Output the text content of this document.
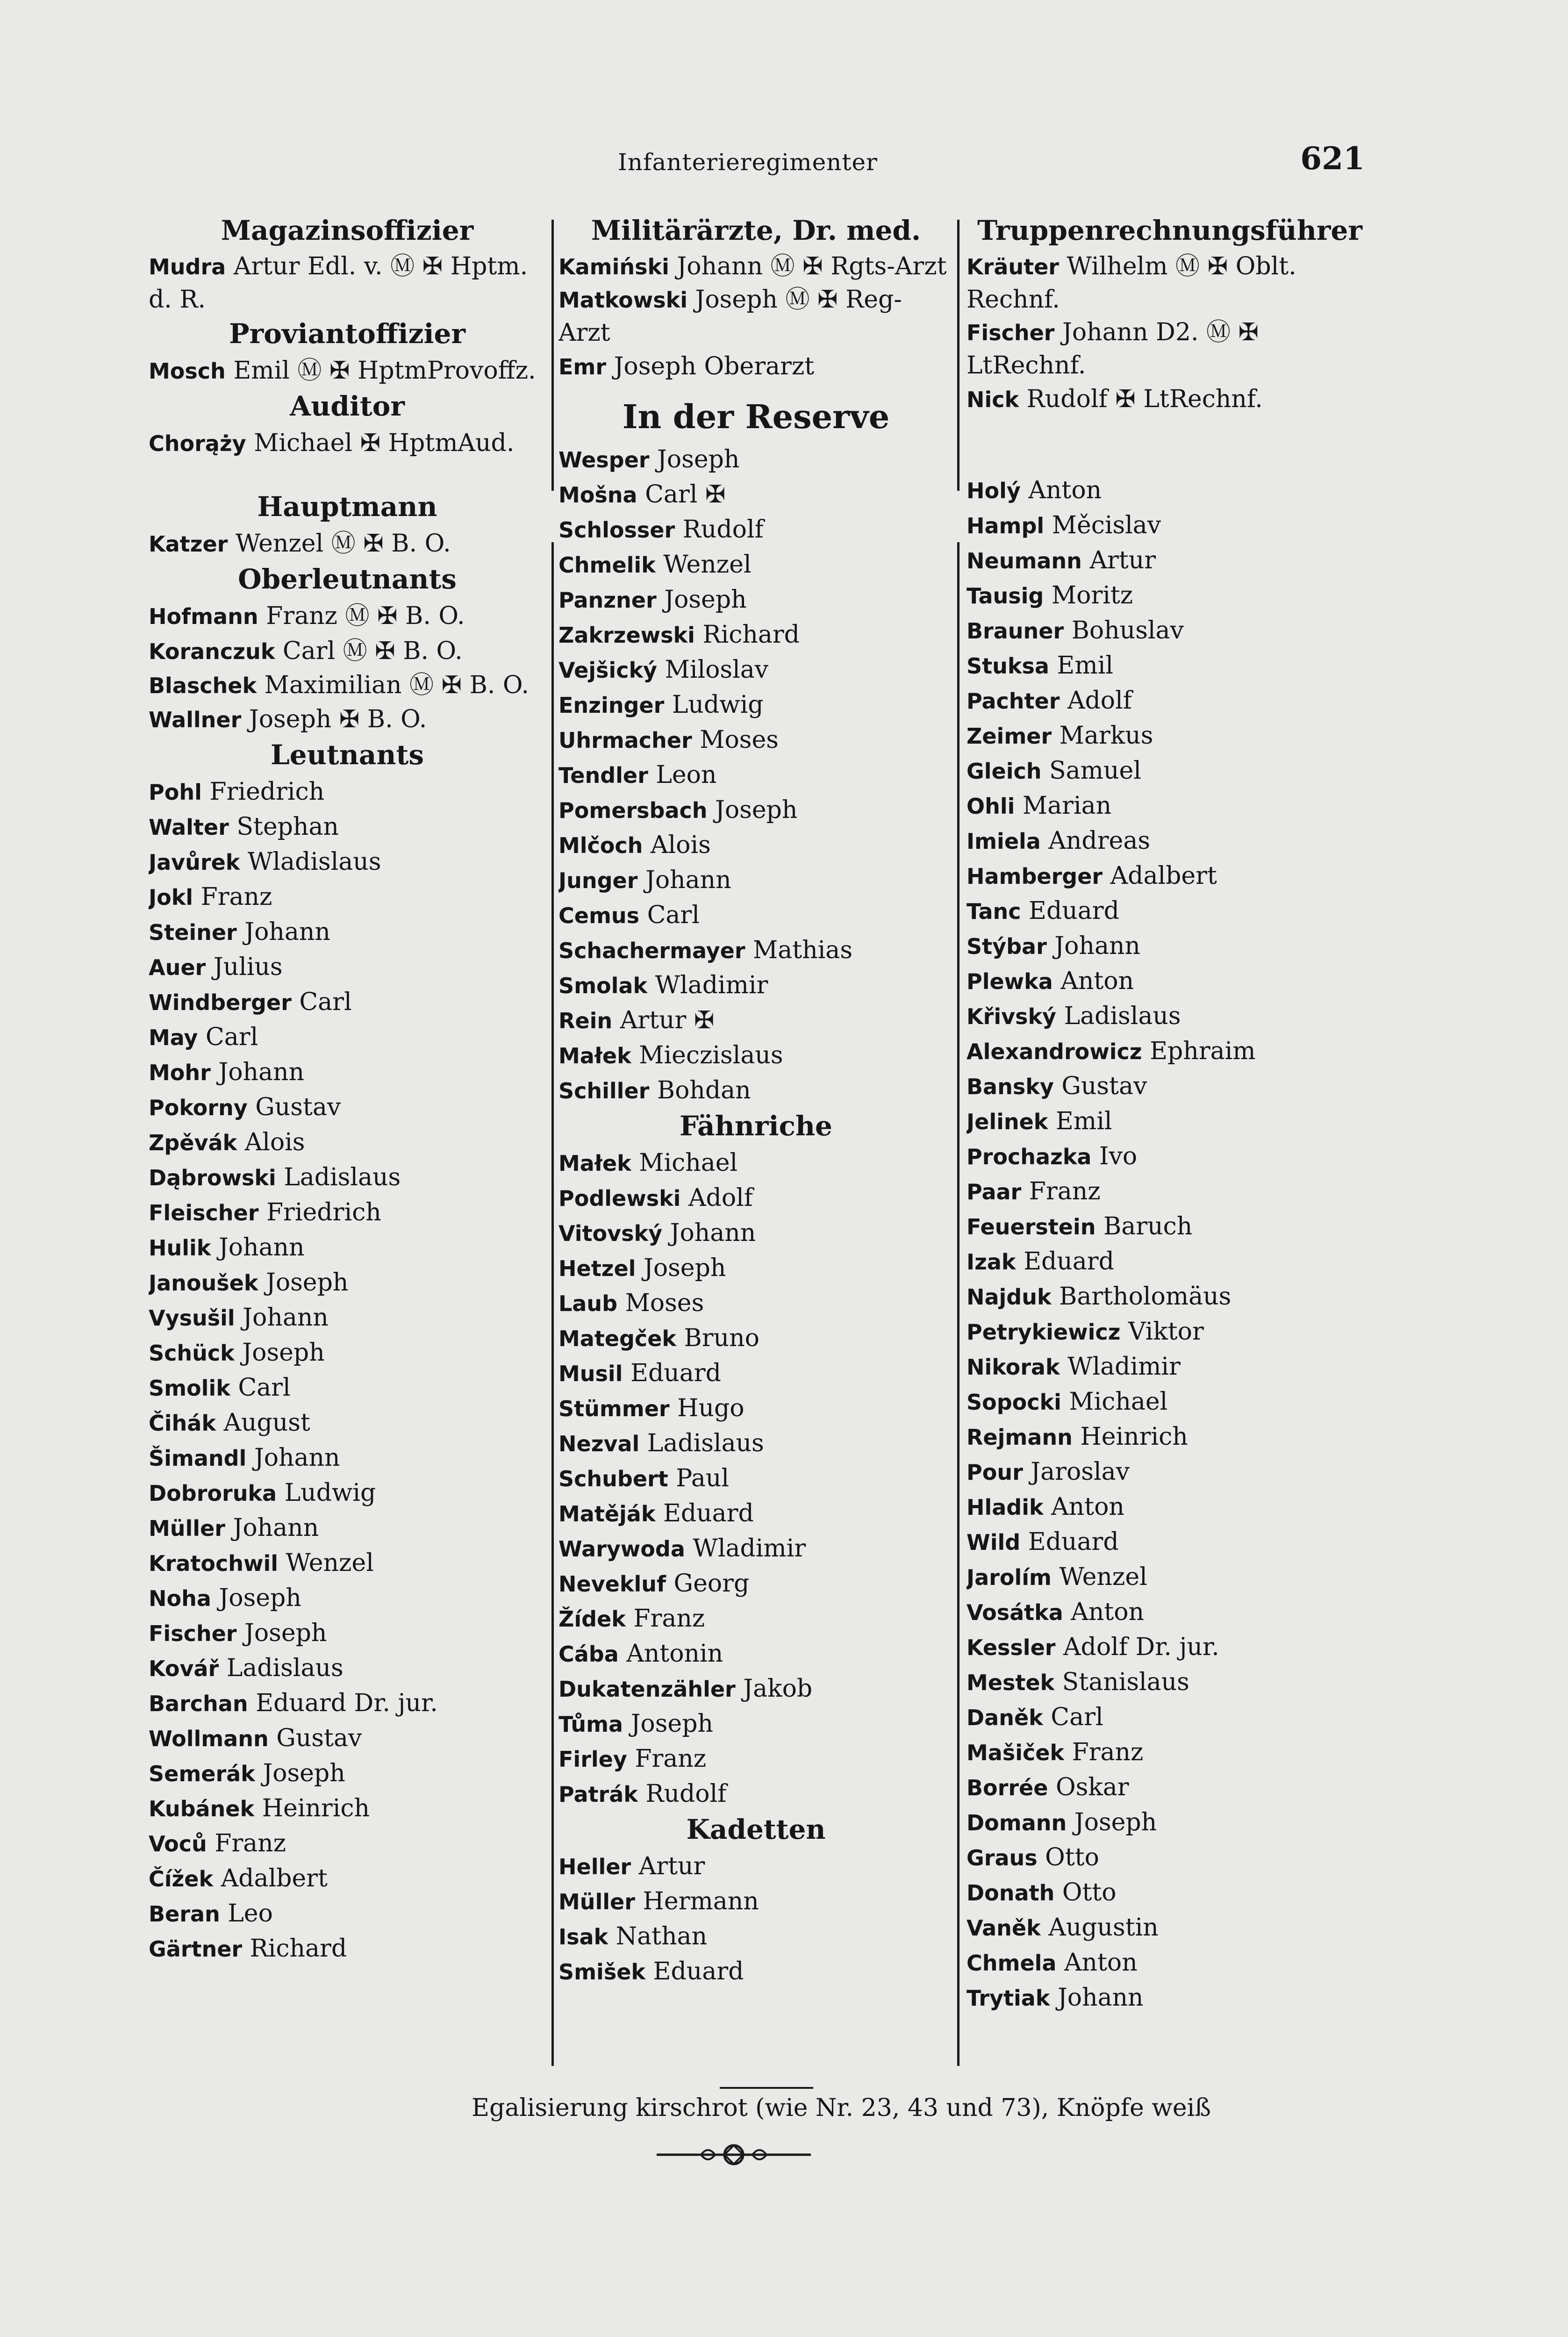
Infanterieregimenter	621
Magazinsoffizier
Mudra Artur Edl. v. Ⓜ ✠ Hptm. d. R.
Proviantoffizier
Mosch Emil Ⓜ ✠ HptmProvoffz.
Auditor
Chorąży Michael ✠ HptmAud.
Hauptmann
Katzer Wenzel Ⓜ ✠ B. O.
Oberleutnants
Hofmann Franz Ⓜ ✠ B. O.
Koranczuk Carl Ⓜ ✠ B. O.
Blaschek Maximilian Ⓜ ✠ B. O.
Wallner Joseph ✠ B. O.
Leutnants
Pohl Friedrich
Walter Stephan
Javůrek Wladislaus
Jokl Franz
Steiner Johann
Auer Julius
Windberger Carl
May Carl
Mohr Johann
Pokorny Gustav
Zpěvák Alois
Dąbrowski Ladislaus
Fleischer Friedrich
Hulik Johann
Janoušek Joseph
Vysušil Johann
Schück Joseph
Smolik Carl
Čihák August
Šimandl Johann
Dobroruka Ludwig
Müller Johann
Kratochwil Wenzel
Noha Joseph
Fischer Joseph
Kovář Ladislaus
Barchan Eduard Dr. jur.
Wollmann Gustav
Semerák Joseph
Kubánek Heinrich
Voců Franz
Čížek Adalbert
Beran Leo
Gärtner Richard
Militärärzte, Dr. med.
Kamiński Johann Ⓜ ✠ Rgts-Arzt
Matkowski Joseph Ⓜ ✠ Reg-Arzt
Emr Joseph Oberarzt
In der Reserve
Wesper Joseph
Mošna Carl ✠
Schlosser Rudolf
Chmelik Wenzel
Panzner Joseph
Zakrzewski Richard
Vejšický Miloslav
Enzinger Ludwig
Uhrmacher Moses
Tendler Leon
Pomersbach Joseph
Mlčoch Alois
Junger Johann
Cemus Carl
Schachermayer Mathias
Smolak Wladimir
Rein Artur ✠
Małek Mieczislaus
Schiller Bohdan
Fähnriche
Małek Michael
Podlewski Adolf
Vitovský Johann
Hetzel Joseph
Laub Moses
Mategček Bruno
Musil Eduard
Stümmer Hugo
Nezval Ladislaus
Schubert Paul
Matěják Eduard
Warywoda Wladimir
Nevekluf Georg
Žídek Franz
Cába Antonin
Dukatenzähler Jakob
Tůma Joseph
Firley Franz
Patrák Rudolf
Kadetten
Heller Artur
Müller Hermann
Isak Nathan
Smišek Eduard
Truppenrechnungsführer
Kräuter Wilhelm Ⓜ ✠ Oblt. Rechnf.
Fischer Johann D2. Ⓜ ✠ LtRechnf.
Nick Rudolf ✠ LtRechnf.
Holý Anton
Hampl Měcislav
Neumann Artur
Tausig Moritz
Brauner Bohuslav
Stuksa Emil
Pachter Adolf
Zeimer Markus
Gleich Samuel
Ohli Marian
Imiela Andreas
Hamberger Adalbert
Tanc Eduard
Stýbar Johann
Plewka Anton
Křivský Ladislaus
Alexandrowicz Ephraim
Bansky Gustav
Jelinek Emil
Prochazka Ivo
Paar Franz
Feuerstein Baruch
Izak Eduard
Najduk Bartholomäus
Petrykiewicz Viktor
Nikorak Wladimir
Sopocki Michael
Rejmann Heinrich
Pour Jaroslav
Hladik Anton
Wild Eduard
Jarolím Wenzel
Vosátka Anton
Kessler Adolf Dr. jur.
Mestek Stanislaus
Daněk Carl
Mašiček Franz
Borrée Oskar
Domann Joseph
Graus Otto
Donath Otto
Vaněk Augustin
Chmela Anton
Trytiak Johann
Egalisierung kirschrot (wie Nr. 23, 43 und 73), Knöpfe weiß
